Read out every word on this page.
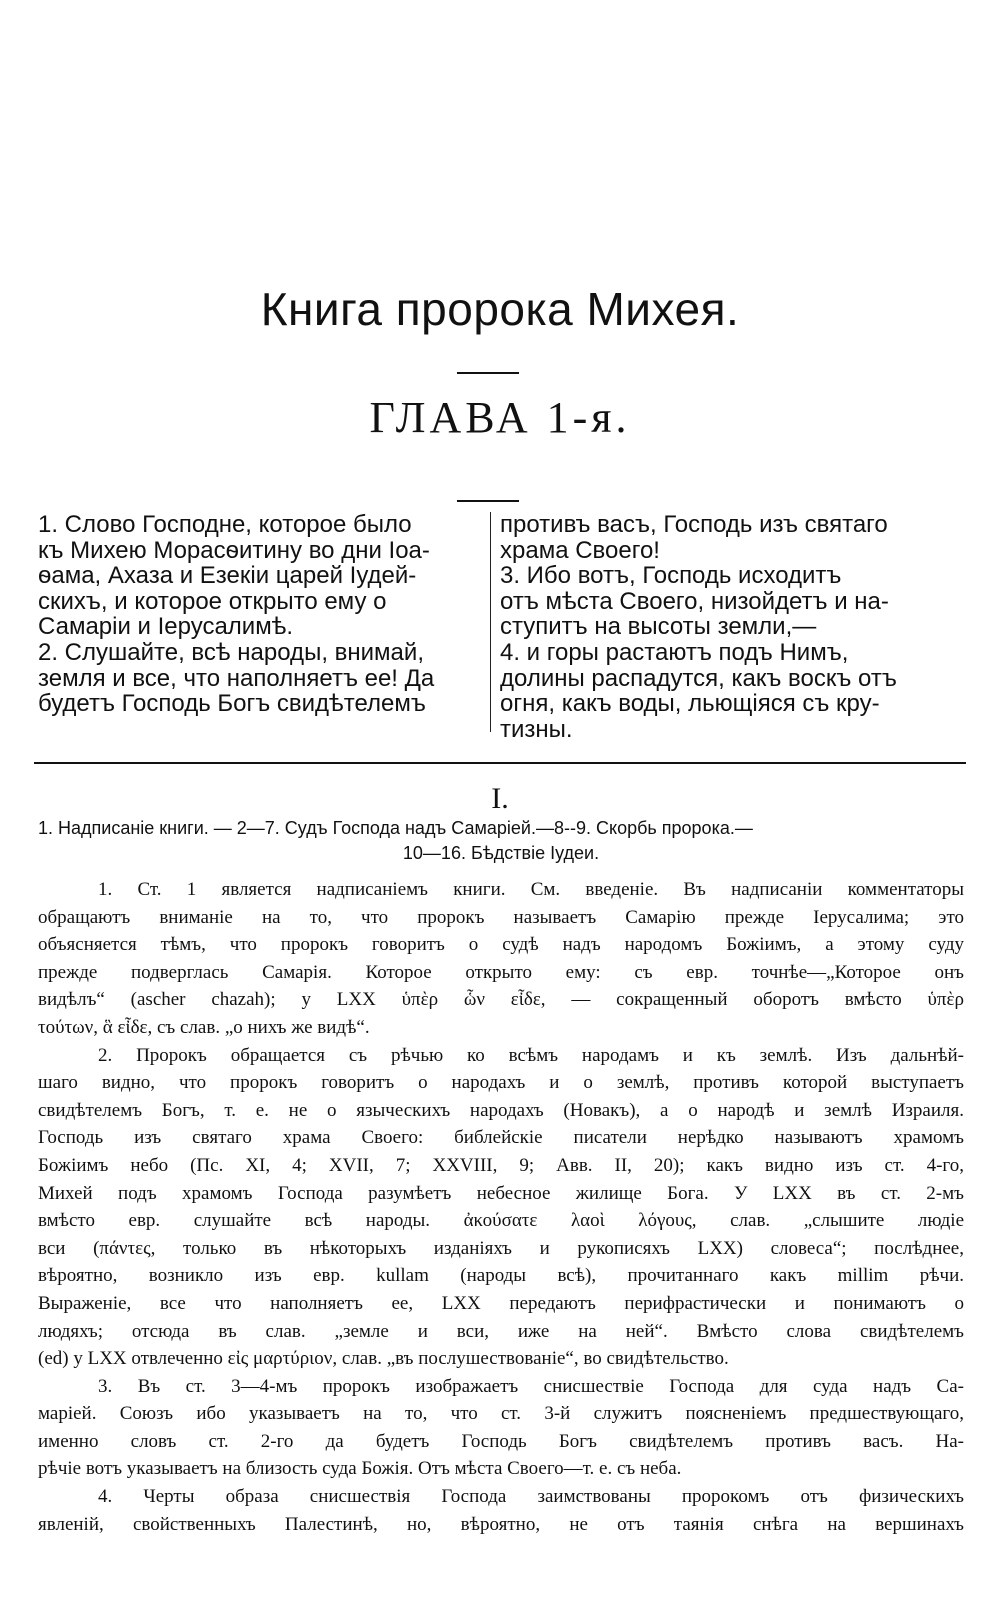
Книга пророка Михея.
ГЛАВА 1-я.

1. Слово Господне, которое было

къ Михею Морасѳитину во дни Іоа-

ѳама, Ахаза и Езекіи царей Іудей-

скихъ, и которое открыто ему о

Самаріи и Іерусалимѣ.

2. Слушайте, всѣ народы, внимай,

земля и все, что наполняетъ ее! Да

будетъ Господь Богъ свидѣтелемъ

противъ васъ, Господь изъ святаго

храма Своего!

3. Ибо вотъ, Господь исходитъ

отъ мѣста Своего, низойдетъ и на-

ступитъ на высоты земли,—

4. и горы растаютъ подъ Нимъ,

долины распадутся, какъ воскъ отъ

огня, какъ воды, льющіяся съ кру-

тизны.

I.

1. Надписаніе книги. — 2—7. Судъ Господа надъ Самаріей.—8--9. Скорбь пророка.—

10—16. Бѣдствіе Іудеи.

1. Ст. 1 является надписаніемъ книги. См. введеніе. Въ надписаніи комментаторы

обращаютъ вниманіе на то, что пророкъ называетъ Самарію прежде Іерусалима; это

объясняется тѣмъ, что пророкъ говоритъ о судѣ надъ народомъ Божіимъ, а этому суду

прежде подверглась Самарія. Которое открыто ему: съ евр. точнѣе—„Которое онъ

видѣлъ“ (ascher chazah); у LXX ὑπὲρ ὧν εἶδε, — сокращенный оборотъ вмѣсто ὑπὲρ

τούτων, ἃ εἶδε, съ слав. „о нихъ же видѣ“.

2. Пророкъ обращается съ рѣчью ко всѣмъ народамъ и къ землѣ. Изъ дальнѣй-

шаго видно, что пророкъ говоритъ о народахъ и о землѣ, противъ которой выступаетъ

свидѣтелемъ Богъ, т. е. не о языческихъ народахъ (Новакъ), а о народѣ и землѣ Израиля.

Господь изъ святаго храма Своего: библейскіе писатели нерѣдко называютъ храмомъ

Божіимъ небо (Пс. XI, 4; XVII, 7; XXVIII, 9; Авв. II, 20); какъ видно изъ ст. 4-го,

Михей подъ храмомъ Господа разумѣетъ небесное жилище Бога. У LXX въ ст. 2-мъ

вмѣсто евр. слушайте всѣ народы. ἀκούσατε λαοὶ λόγους, слав. „слышите людіе

вси (πάντες, только въ нѣкоторыхъ изданіяхъ и рукописяхъ LXX) словеса“; послѣднее,

вѣроятно, возникло изъ евр. kullam (народы всѣ), прочитаннаго какъ millim рѣчи.

Выраженіе, все что наполняетъ ее, LXX передаютъ перифрастически и понимаютъ о

людяхъ; отсюда въ слав. „земле и вси, иже на ней“. Вмѣсто слова свидѣтелемъ

(ed) у LXX отвлеченно εἰς μαρτύριον, слав. „въ послушествованіе“, во свидѣтельство.

3. Въ ст. 3—4-мъ пророкъ изображаетъ снисшествіе Господа для суда надъ Са-

маріей. Союзъ ибо указываетъ на то, что ст. 3-й служитъ поясненіемъ предшествующаго,

именно словъ ст. 2-го да будетъ Господь Богъ свидѣтелемъ противъ васъ. На-

рѣчіе вотъ указываетъ на близость суда Божія. Отъ мѣста Своего—т. е. съ неба.

4. Черты образа снисшествія Господа заимствованы пророкомъ отъ физическихъ

явленій, свойственныхъ Палестинѣ, но, вѣроятно, не отъ таянія снѣга на вершинахъ
